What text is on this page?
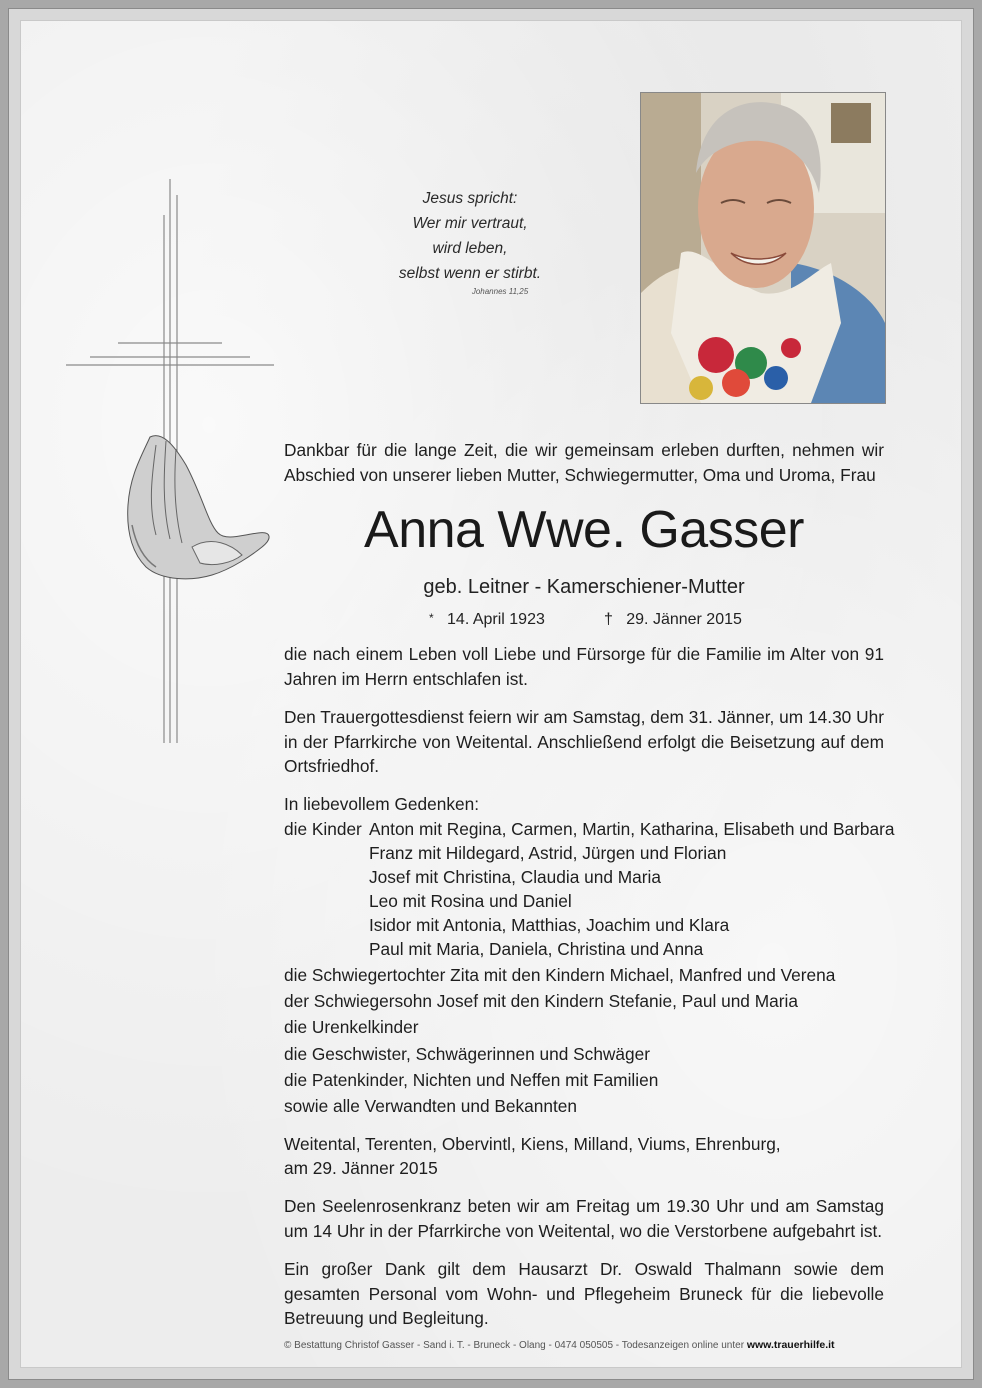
Jesus spricht:
Wer mir vertraut,
wird leben,
selbst wenn er stirbt.
Johannes 11,25
Dankbar für die lange Zeit, die wir gemeinsam erleben durften, nehmen wir Abschied von unserer lieben Mutter, Schwiegermutter, Oma und Uroma, Frau
Anna Wwe. Gasser
geb. Leitner - Kamerschiener-Mutter
* 14. April 1923	† 29. Jänner 2015
die nach einem Leben voll Liebe und Fürsorge für die Familie im Alter von 91 Jahren im Herrn entschlafen ist.
Den Trauergottesdienst feiern wir am Samstag, dem 31. Jänner, um 14.30 Uhr in der Pfarrkirche von Weitental. Anschließend erfolgt die Beisetzung auf dem Ortsfriedhof.
In liebevollem Gedenken:
die Kinder Anton mit Regina, Carmen, Martin, Katharina, Elisabeth und Barbara
Franz mit Hildegard, Astrid, Jürgen und Florian
Josef mit Christina, Claudia und Maria
Leo mit Rosina und Daniel
Isidor mit Antonia, Matthias, Joachim und Klara
Paul mit Maria, Daniela, Christina und Anna
die Schwiegertochter Zita mit den Kindern Michael, Manfred und Verena
der Schwiegersohn Josef mit den Kindern Stefanie, Paul und Maria
die Urenkelkinder
die Geschwister, Schwägerinnen und Schwäger
die Patenkinder, Nichten und Neffen mit Familien
sowie alle Verwandten und Bekannten
Weitental, Terenten, Obervintl, Kiens, Milland, Vium​s, Ehrenburg,
am 29. Jänner 2015
Den Seelenrosenkranz beten wir am Freitag um 19.30 Uhr und am Samstag um 14 Uhr in der Pfarrkirche von Weitental, wo die Verstorbene aufgebahrt ist.
Ein großer Dank gilt dem Hausarzt Dr. Oswald Thalmann sowie dem gesamten Personal vom Wohn- und Pflegeheim Bruneck für die liebevolle Betreuung und Begleitung.
© Bestattung Christof Gasser - Sand i. T. - Bruneck - Olang - 0474 050505 - Todesanzeigen online unter www.trauerhilfe.it
